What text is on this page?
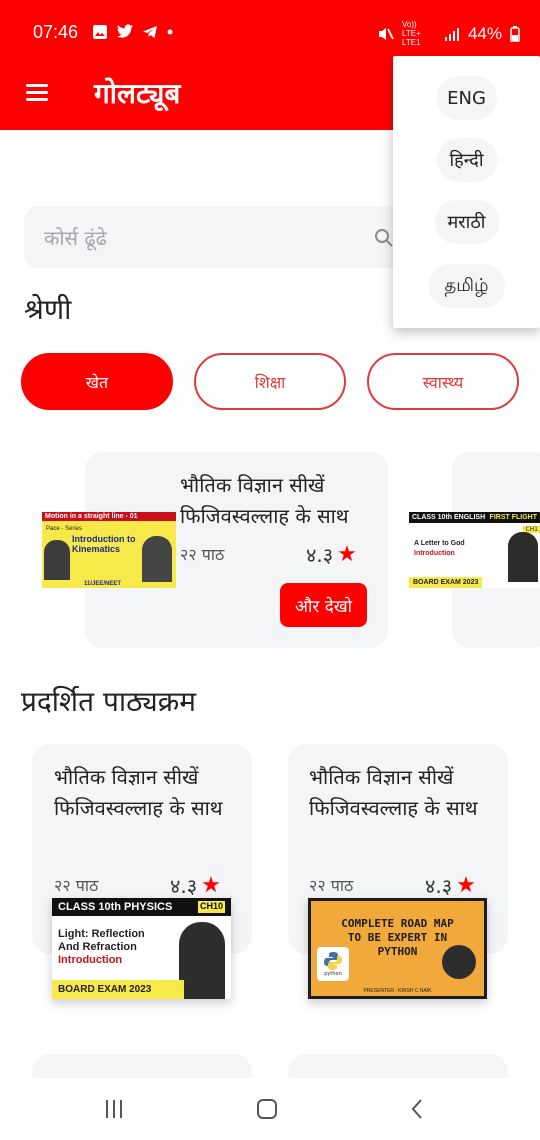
07:46	Vo)) LTE+ LTE1	44%
गोलट्यूब
कोर्स ढूंढे
श्रेणी
खेत	शिक्षा	स्वास्थ्य
Motion in a straight line - 01
Pace - Series
Introduction to
Kinematics
11/JEE/NEET
भौतिक विज्ञान सीखें फिजिवस्वल्लाह के साथ
२२ पाठ	४.३ ★
और देखो
CLASS 10th ENGLISH FIRST FLIGHT
CH1
A Letter to God
Introduction
BOARD EXAM 2023
प्रदर्शित पाठ्यक्रम
भौतिक विज्ञान सीखें फिजिवस्वल्लाह के साथ
२२ पाठ	४.३ ★
CLASS 10th PHYSICS	CH10
Light: Reflection
And Refraction
Introduction
BOARD EXAM 2023
भौतिक विज्ञान सीखें फिजिवस्वल्लाह के साथ
२२ पाठ	४.३ ★
COMPLETE ROAD MAP
TO BE EXPERT IN
PYTHON
python
PRESENTER : KRISH C NAIK
ENG
हिन्दी
मराठी
தமிழ்
